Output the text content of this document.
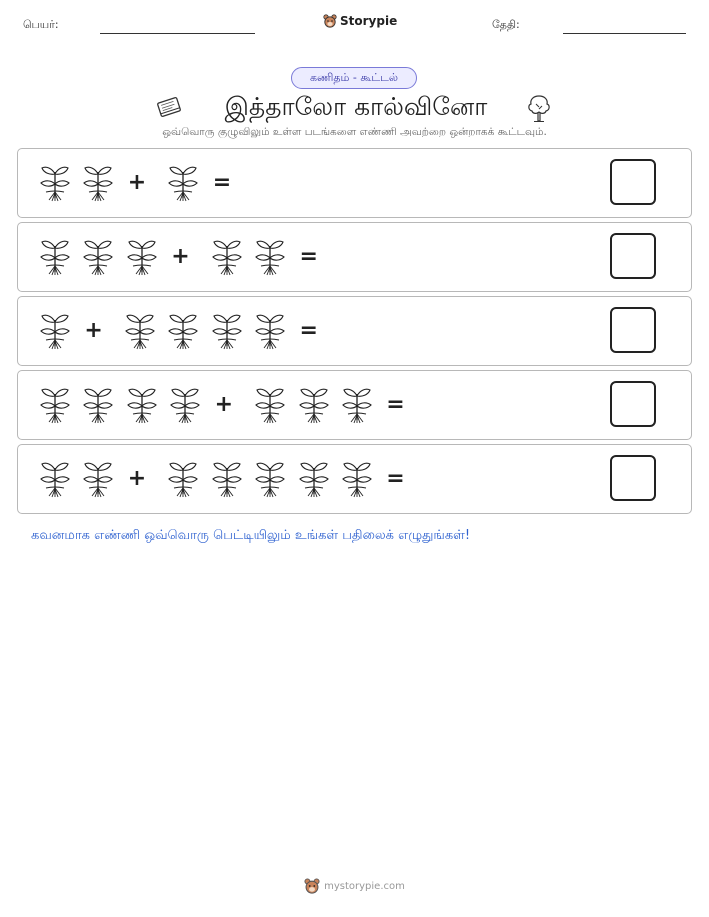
பெயர்:	Storypie	தேதி:
கணிதம் - கூட்டல்
இத்தாலோ கால்வினோ
ஒவ்வொரு குழுவிலும் உள்ள படங்களை எண்ணி அவற்றை ஒன்றாகக் கூட்டவும்.
+	=
+	=
+	=
+	=
+	=
கவனமாக எண்ணி ஒவ்வொரு பெட்டியிலும் உங்கள் பதிலைக் எழுதுங்கள்!
mystorypie.com
